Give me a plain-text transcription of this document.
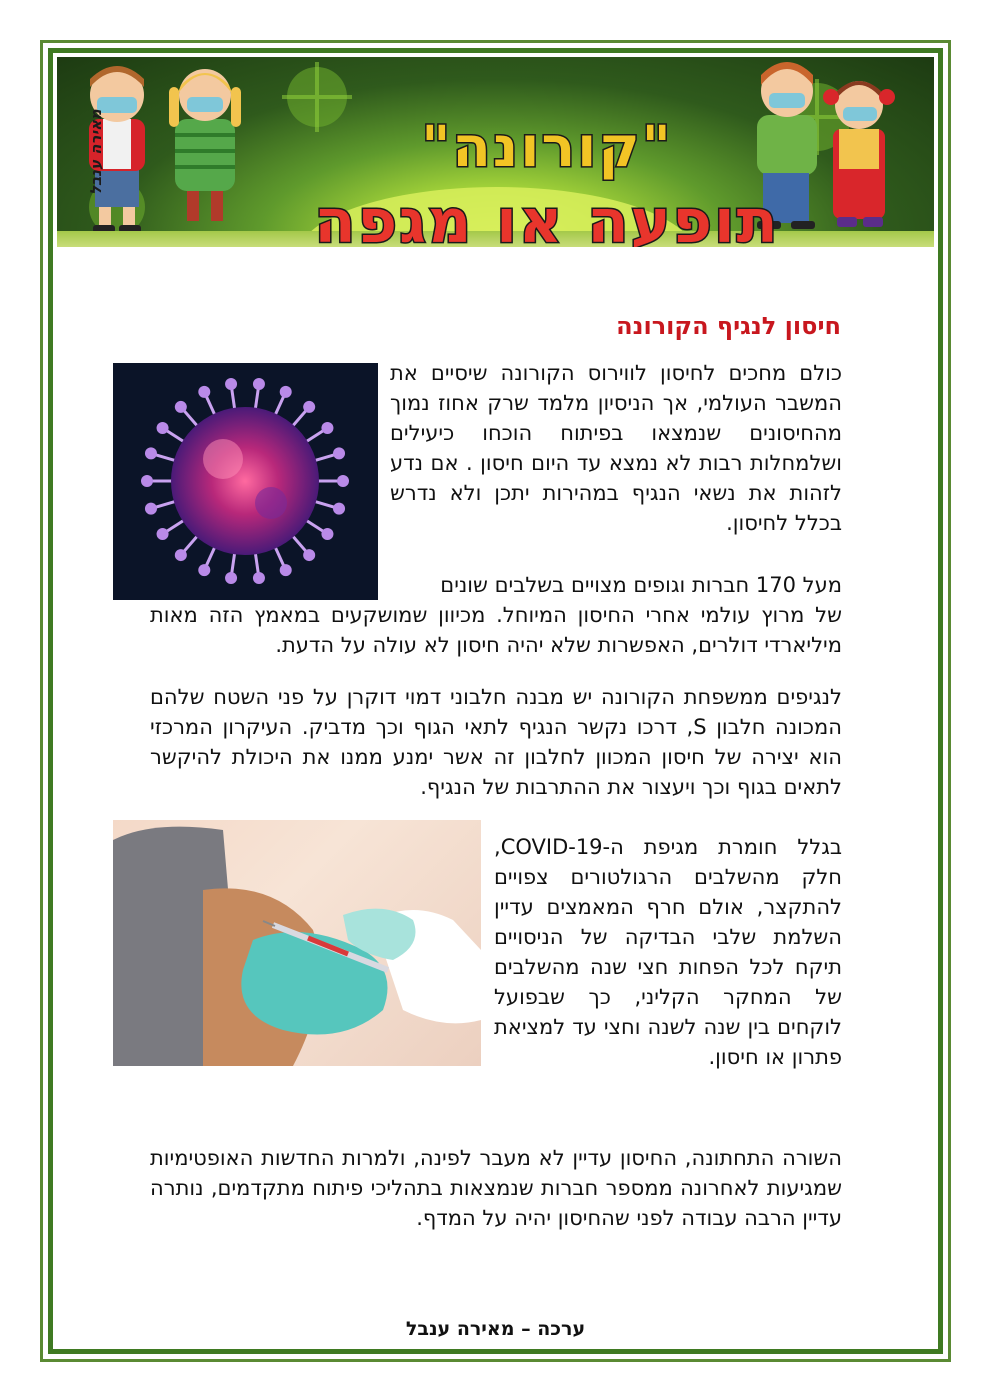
מאירה ענבל	"קורונה"
תופעה או מגפה
חיסון לנגיף הקורונה
כולם מחכים לחיסון לווירוס הקורונה שיסיים את המשבר העולמי, אך הניסיון מלמד שרק אחוז נמוך מהחיסונים שנמצאו בפיתוח הוכחו כיעילים ושלמחלות רבות לא נמצא עד היום חיסון . אם נדע לזהות את נשאי הנגיף במהירות יתכן ולא נדרש בכלל לחיסון.
מעל 170 חברות וגופים מצויים בשלבים שונים
של מרוץ עולמי אחרי החיסון המיוחל. מכיוון שמושקעים במאמץ הזה מאות מיליארדי דולרים, האפשרות שלא יהיה חיסון לא עולה על הדעת.
לנגיפים ממשפחת הקורונה יש מבנה חלבוני דמוי דוקרן על פני השטח שלהם המכונה חלבון S, דרכו נקשר הנגיף לתאי הגוף וכך מדביק. העיקרון המרכזי הוא יצירה של חיסון המכוון לחלבון זה אשר ימנע ממנו את היכולת להיקשר לתאים בגוף וכך ויעצור את ההתרבות של הנגיף.
בגלל חומרת מגיפת ה-COVID-19, חלק מהשלבים הרגולטורים צפויים להתקצר, אולם חרף המאמצים עדיין השלמת שלבי הבדיקה של הניסויים תיקח לכל הפחות חצי שנה מהשלבים של המחקר הקליני, כך שבפועל לוקחים בין שנה לשנה וחצי עד למציאת פתרון או חיסון.
השורה התחתונה, החיסון עדיין לא מעבר לפינה, ולמרות החדשות האופטימיות שמגיעות לאחרונה ממספר חברות שנמצאות בתהליכי פיתוח מתקדמים, נותרה עדיין הרבה עבודה לפני שהחיסון יהיה על המדף.
ערכה – מאירה ענבל
